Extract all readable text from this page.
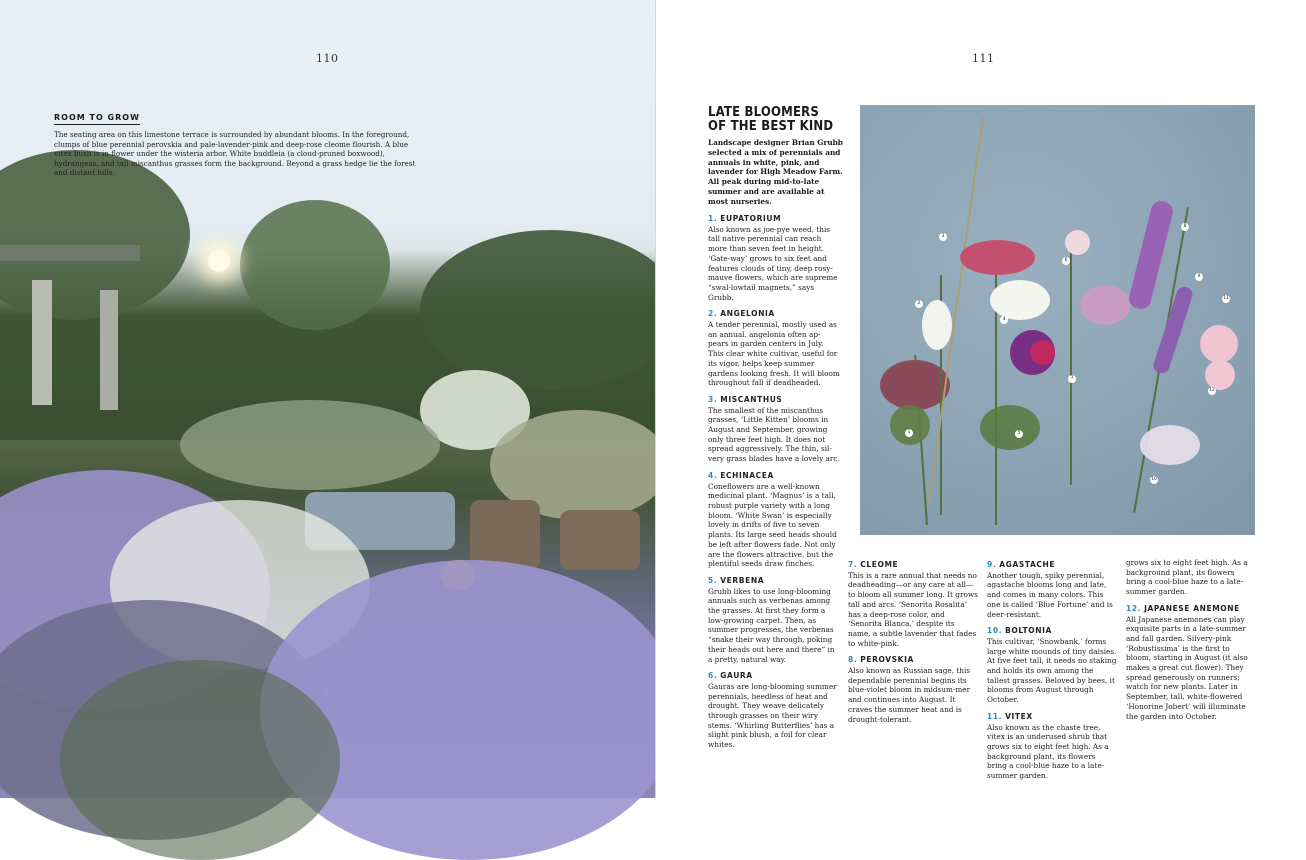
110
ROOM TO GROW
The seating area on this limestone terrace is surrounded by abundant blooms. In the foreground, clumps of blue perennial perovskia and pale-lavender-pink and deep-rose cleome flourish. A blue vitex bush is in flower under the wisteria arbor. White buddleia (a cloud-pruned boxwood), hydrangeas, and tall miscanthus grasses form the background. Beyond a grass hedge lie the forest and distant hills.
111
LATE BLOOMERS
OF THE BEST KIND
Landscape designer Brian Grubb selected a mix of perennials and annuals in white, pink, and lavender for High Meadow Farm. All peak during mid-to-late summer and are available at most nurseries.
1. EUPATORIUM
Also known as joe-pye weed, this tall native perennial can reach more than seven feet in height. ‘Gate-way’ grows to six feet and features clouds of tiny, deep rosy-mauve flowers, which are supreme “swal-lowtail magnets,” says Grubb.
2. ANGELONIA
A tender perennial, mostly used as an annual, angelonia often ap-pears in garden centers in July. This clear white cultivar, useful for its vigor, helps keep summer gardens looking fresh. It will bloom throughout fall if deadheaded.
3. MISCANTHUS
The smallest of the miscanthus grasses, ‘Little Kitten’ blooms in August and September, growing only three feet high. It does not spread aggressively. The thin, sil-very grass blades have a lovely arc.
4. ECHINACEA
Coneflowers are a well-known medicinal plant. ‘Magnus’ is a tall, robust purple variety with a long bloom. ‘White Swan’ is especially lovely in drifts of five to seven plants. Its large seed heads should be left after flowers fade. Not only are the flowers attractive, but the plentiful seeds draw finches.
5. VERBENA
Grubb likes to use long-blooming annuals such as verbenas among the grasses. At first they form a low-growing carpet. Then, as summer progresses, the verbenas “snake their way through, poking their heads out here and there” in a pretty, natural way.
6. GAURA
Gauras are long-blooming summer perennials, heedless of heat and drought. They weave delicately through grasses on their wiry stems. ‘Whirling Butterflies’ has a slight pink blush, a foil for clear whites.
1
2
3
4
5
6
7
8
9
10
11
12
7. CLEOME
This is a rare annual that needs no deadheading—or any care at all—to bloom all summer long. It grows tall and arcs. ‘Senorita Rosalita’ has a deep-rose color, and ‘Senorita Blanca,’ despite its name, a subtle lavender that fades to white-pink.
8. PEROVSKIA
Also known as Russian sage, this dependable perennial begins its blue-violet bloom in midsum-mer and continues into August. It craves the summer heat and is drought-tolerant.
9. AGASTACHE
Another tough, spiky perennial, agastache blooms long and late, and comes in many colors. This one is called ‘Blue Fortune’ and is deer-resistant.
10. BOLTONIA
This cultivar, ‘Snowbank,’ forms large white mounds of tiny daisies. At five feet tall, it needs no staking and holds its own among the tallest grasses. Beloved by bees, it blooms from August through October.
11. VITEX
Also known as the chaste tree, vitex is an underused shrub that grows six to eight feet high. As a background plant, its flowers bring a cool-blue haze to a late-summer garden.
grows six to eight feet high. As a background plant, its flowers bring a cool-blue haze to a late-summer garden.
12. JAPANESE ANEMONE
All Japanese anemones can play exquisite parts in a late-summer and fall garden. Silvery-pink ‘Robustissima’ is the first to bloom, starting in August (it also makes a great cut flower). They spread generously on runners; watch for new plants. Later in September, tall, white-flowered ‘Honorine Jobert’ will illuminate the garden into October.
